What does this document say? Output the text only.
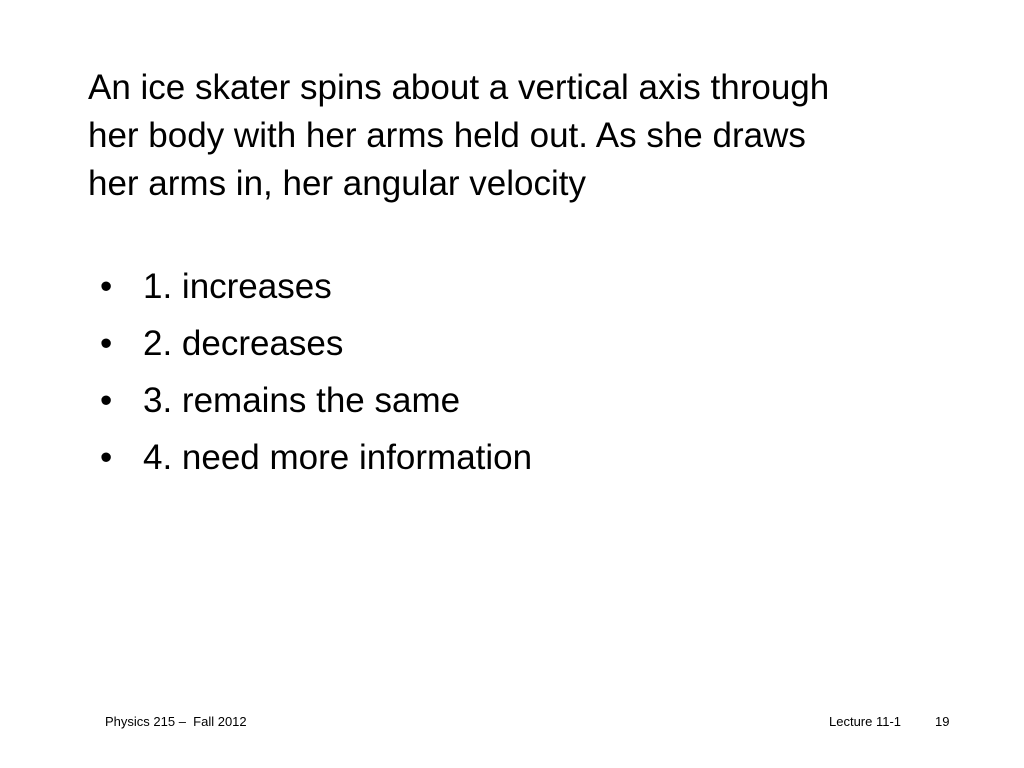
An ice skater spins about a vertical axis through
her body with her arms held out. As she draws
her arms in, her angular velocity

• 1. increases
• 2. decreases
• 3. remains the same
• 4. need more information
Physics 215 –  Fall 2012	Lecture 11-1	19
